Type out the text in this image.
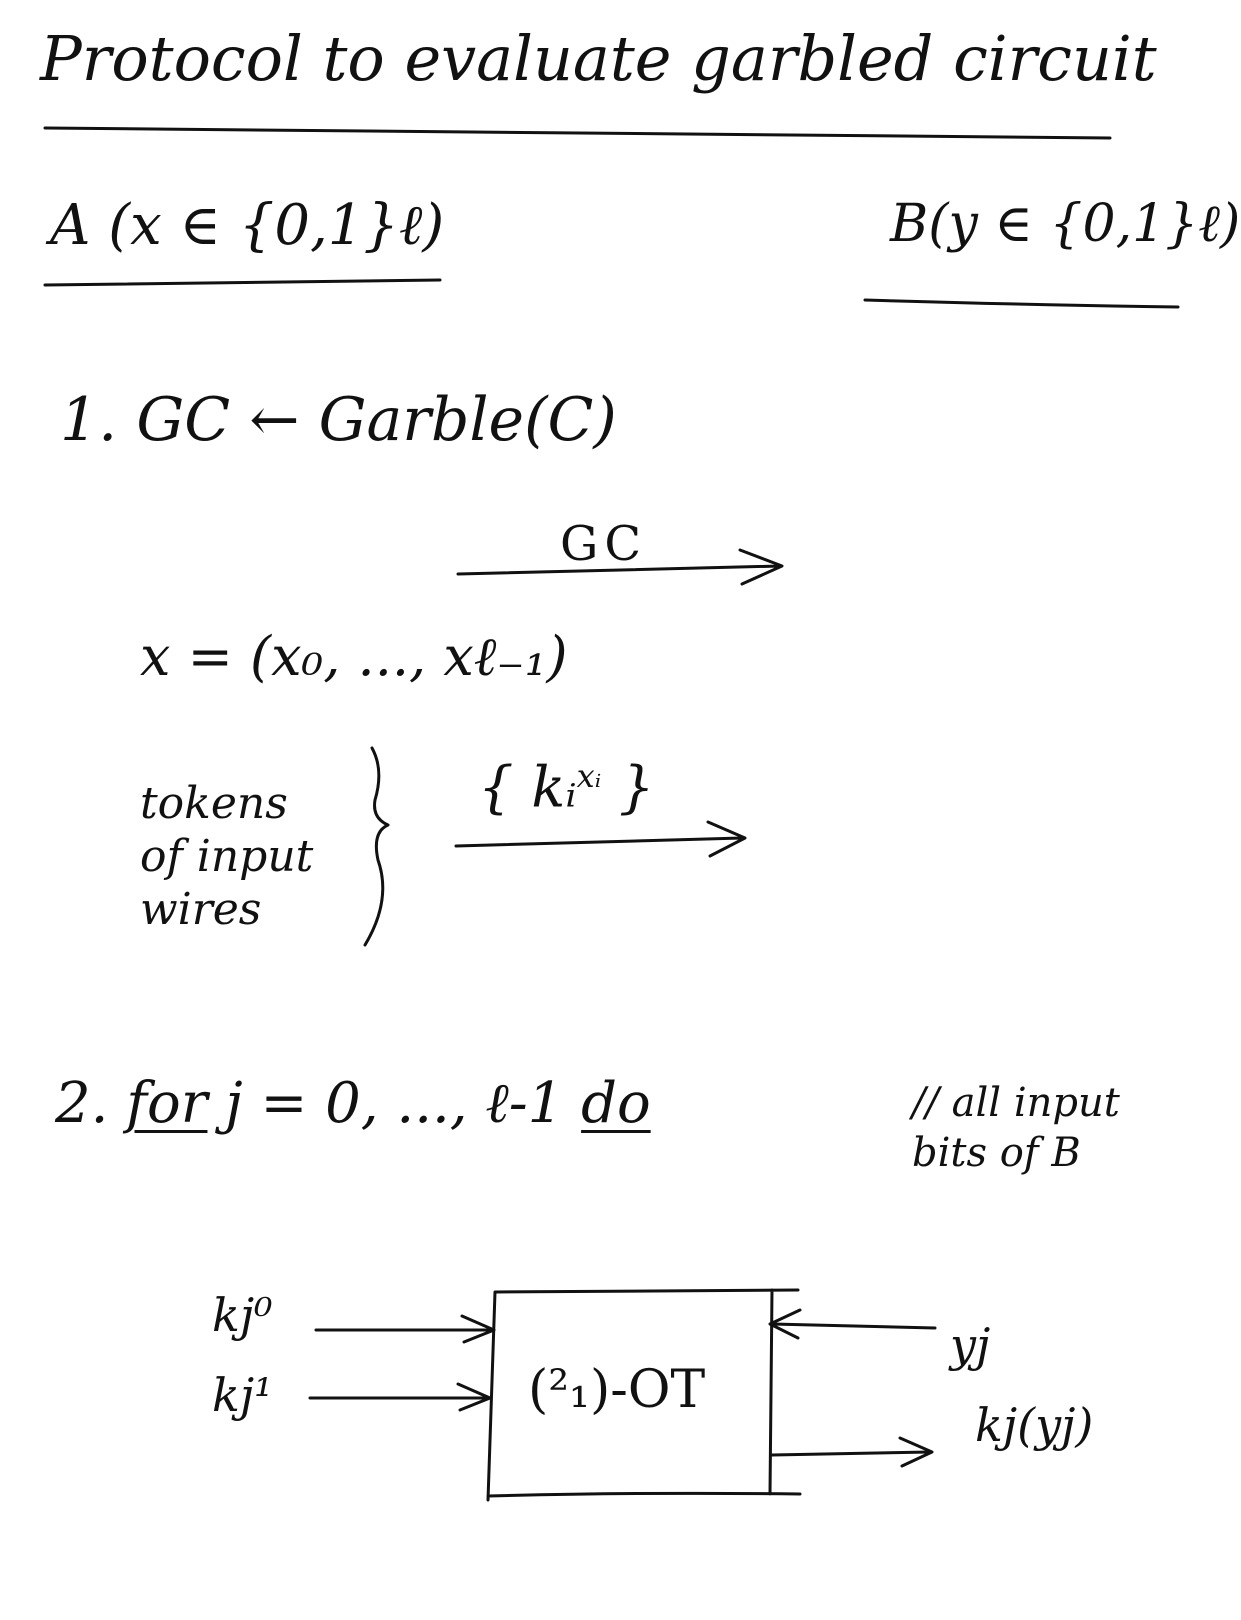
Protocol to evaluate garbled circuit
A (x ∈ {0,1}ℓ)	B(y ∈ {0,1}ℓ)
1. GC ← Garble(C)
GC
x = (x₀, ..., xℓ₋₁)
tokens
of input
wires
{ kᵢ$^{xᵢ}$ }
2. for j = 0, ..., ℓ-1 do	// all input
bits of B
kj⁰
kj¹	(²₁)-OT
yj
kj(yj)
